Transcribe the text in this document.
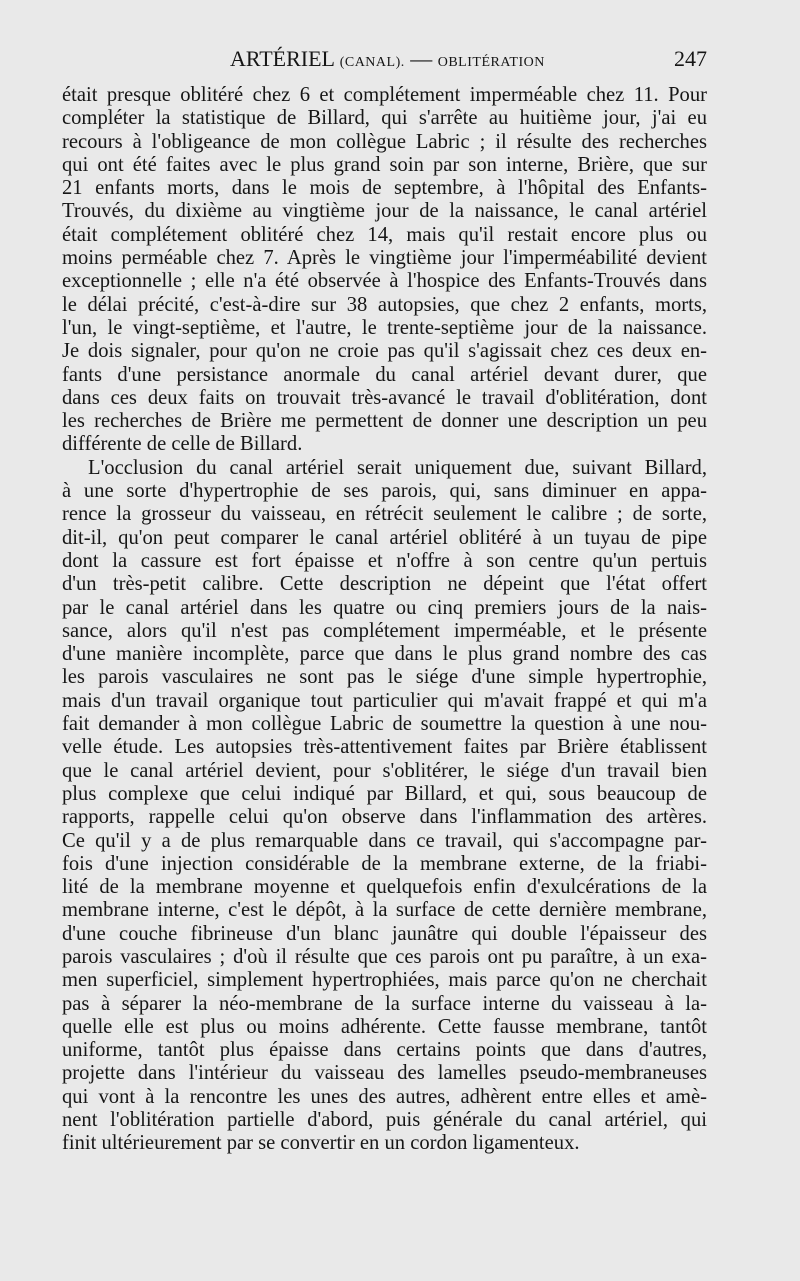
ARTÉRIEL (CANAL). — OBLITÉRATION	247
était presque oblitéré chez 6 et complétement imperméable chez 11. Pour
compléter la statistique de Billard, qui s'arrête au huitième jour, j'ai eu
recours à l'obligeance de mon collègue Labric ; il résulte des recherches
qui ont été faites avec le plus grand soin par son interne, Brière, que sur
21 enfants morts, dans le mois de septembre, à l'hôpital des Enfants-
Trouvés, du dixième au vingtième jour de la naissance, le canal artériel
était complétement oblitéré chez 14, mais qu'il restait encore plus ou
moins perméable chez 7. Après le vingtième jour l'imperméabilité devient
exceptionnelle ; elle n'a été observée à l'hospice des Enfants-Trouvés dans
le délai précité, c'est-à-dire sur 38 autopsies, que chez 2 enfants, morts,
l'un, le vingt-septième, et l'autre, le trente-septième jour de la naissance.
Je dois signaler, pour qu'on ne croie pas qu'il s'agissait chez ces deux en-
fants d'une persistance anormale du canal artériel devant durer, que
dans ces deux faits on trouvait très-avancé le travail d'oblitération, dont
les recherches de Brière me permettent de donner une description un peu
différente de celle de Billard.
L'occlusion du canal artériel serait uniquement due, suivant Billard,
à une sorte d'hypertrophie de ses parois, qui, sans diminuer en appa-
rence la grosseur du vaisseau, en rétrécit seulement le calibre ; de sorte,
dit-il, qu'on peut comparer le canal artériel oblitéré à un tuyau de pipe
dont la cassure est fort épaisse et n'offre à son centre qu'un pertuis
d'un très-petit calibre. Cette description ne dépeint que l'état offert
par le canal artériel dans les quatre ou cinq premiers jours de la nais-
sance, alors qu'il n'est pas complétement imperméable, et le présente
d'une manière incomplète, parce que dans le plus grand nombre des cas
les parois vasculaires ne sont pas le siége d'une simple hypertrophie,
mais d'un travail organique tout particulier qui m'avait frappé et qui m'a
fait demander à mon collègue Labric de soumettre la question à une nou-
velle étude. Les autopsies très-attentivement faites par Brière établissent
que le canal artériel devient, pour s'oblitérer, le siége d'un travail bien
plus complexe que celui indiqué par Billard, et qui, sous beaucoup de
rapports, rappelle celui qu'on observe dans l'inflammation des artères.
Ce qu'il y a de plus remarquable dans ce travail, qui s'accompagne par-
fois d'une injection considérable de la membrane externe, de la friabi-
lité de la membrane moyenne et quelquefois enfin d'exulcérations de la
membrane interne, c'est le dépôt, à la surface de cette dernière membrane,
d'une couche fibrineuse d'un blanc jaunâtre qui double l'épaisseur des
parois vasculaires ; d'où il résulte que ces parois ont pu paraître, à un exa-
men superficiel, simplement hypertrophiées, mais parce qu'on ne cherchait
pas à séparer la néo-membrane de la surface interne du vaisseau à la-
quelle elle est plus ou moins adhérente. Cette fausse membrane, tantôt
uniforme, tantôt plus épaisse dans certains points que dans d'autres,
projette dans l'intérieur du vaisseau des lamelles pseudo-membraneuses
qui vont à la rencontre les unes des autres, adhèrent entre elles et amè-
nent l'oblitération partielle d'abord, puis générale du canal artériel, qui
finit ultérieurement par se convertir en un cordon ligamenteux.
